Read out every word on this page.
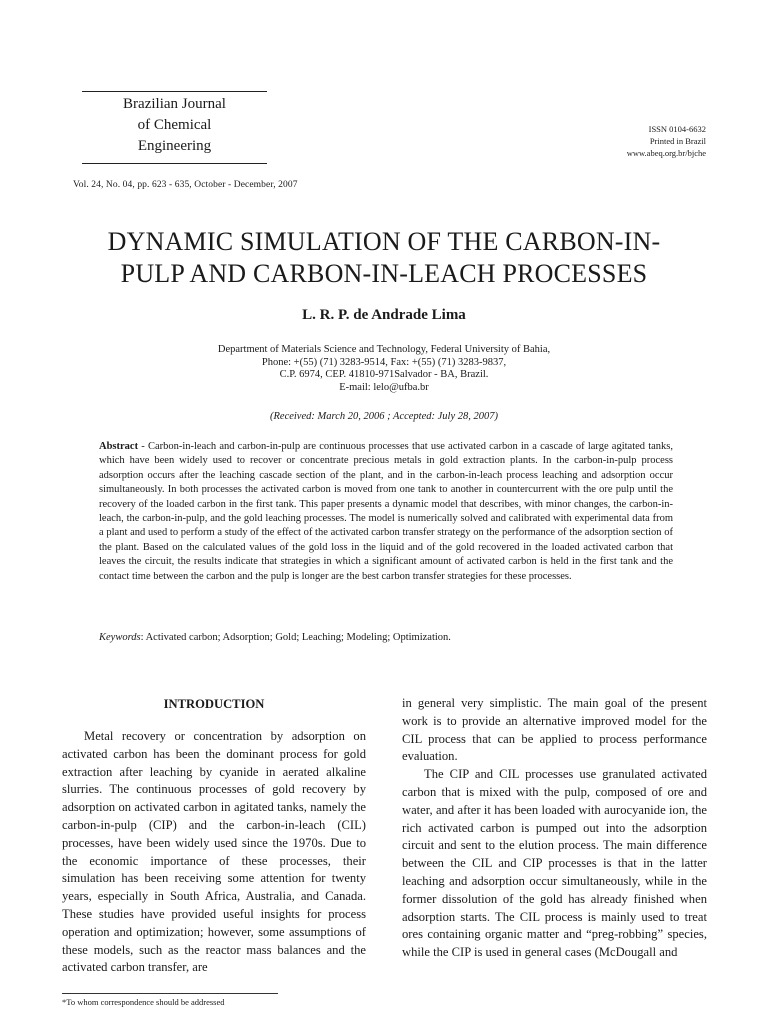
Brazilian Journal
of Chemical
Engineering
ISSN 0104-6632
Printed in Brazil
www.abeq.org.br/bjche
Vol. 24, No. 04, pp. 623 - 635, October - December, 2007
DYNAMIC SIMULATION OF THE CARBON-IN-
PULP AND CARBON-IN-LEACH PROCESSES
L. R. P. de Andrade Lima
Department of Materials Science and Technology, Federal University of Bahia,
Phone: +(55) (71) 3283-9514, Fax: +(55) (71) 3283-9837,
C.P. 6974, CEP. 41810-971Salvador - BA, Brazil.
E-mail: lelo@ufba.br
(Received: March 20, 2006 ; Accepted: July 28, 2007)

Abstract - Carbon-in-leach and carbon-in-pulp are continuous processes that use activated carbon in a cascade of large agitated tanks, which have been widely used to recover or concentrate precious metals in gold extraction plants. In the carbon-in-pulp process adsorption occurs after the leaching cascade section of the plant, and in the carbon-in-leach process leaching and adsorption occur simultaneously. In both processes the activated carbon is moved from one tank to another in countercurrent with the ore pulp until the recovery of the loaded carbon in the first tank. This paper presents a dynamic model that describes, with minor changes, the carbon-in-leach, the carbon-in-pulp, and the gold leaching processes. The model is numerically solved and calibrated with experimental data from a plant and used to perform a study of the effect of the activated carbon transfer strategy on the performance of the adsorption section of the plant. Based on the calculated values of the gold loss in the liquid and of the gold recovered in the loaded activated carbon that leaves the circuit, the results indicate that strategies in which a significant amount of activated carbon is held in the first tank and the contact time between the carbon and the pulp is longer are the best carbon transfer strategies for these processes.

Keywords: Activated carbon; Adsorption; Gold; Leaching; Modeling; Optimization.
INTRODUCTION

Metal recovery or concentration by adsorption on activated carbon has been the dominant process for gold extraction after leaching by cyanide in aerated alkaline slurries. The continuous processes of gold recovery by adsorption on activated carbon in agitated tanks, namely the carbon-in-pulp (CIP) and the carbon-in-leach (CIL) processes, have been widely used since the 1970s. Due to the economic importance of these processes, their simulation has been receiving some attention for twenty years, especially in South Africa, Australia, and Canada. These studies have provided useful insights for process operation and optimization; however, some assumptions of these models, such as the reactor mass balances and the activated carbon transfer, are

in general very simplistic. The main goal of the present work is to provide an alternative improved model for the CIL process that can be applied to process performance evaluation.

The CIP and CIL processes use granulated activated carbon that is mixed with the pulp, composed of ore and water, and after it has been loaded with aurocyanide ion, the rich activated carbon is pumped out into the adsorption circuit and sent to the elution process. The main difference between the CIL and CIP processes is that in the latter leaching and adsorption occur simultaneously, while in the former dissolution of the gold has already finished when adsorption starts. The CIL process is mainly used to treat ores containing organic matter and “preg-robbing” species, while the CIP is used in general cases (McDougall and

*To whom correspondence should be addressed
